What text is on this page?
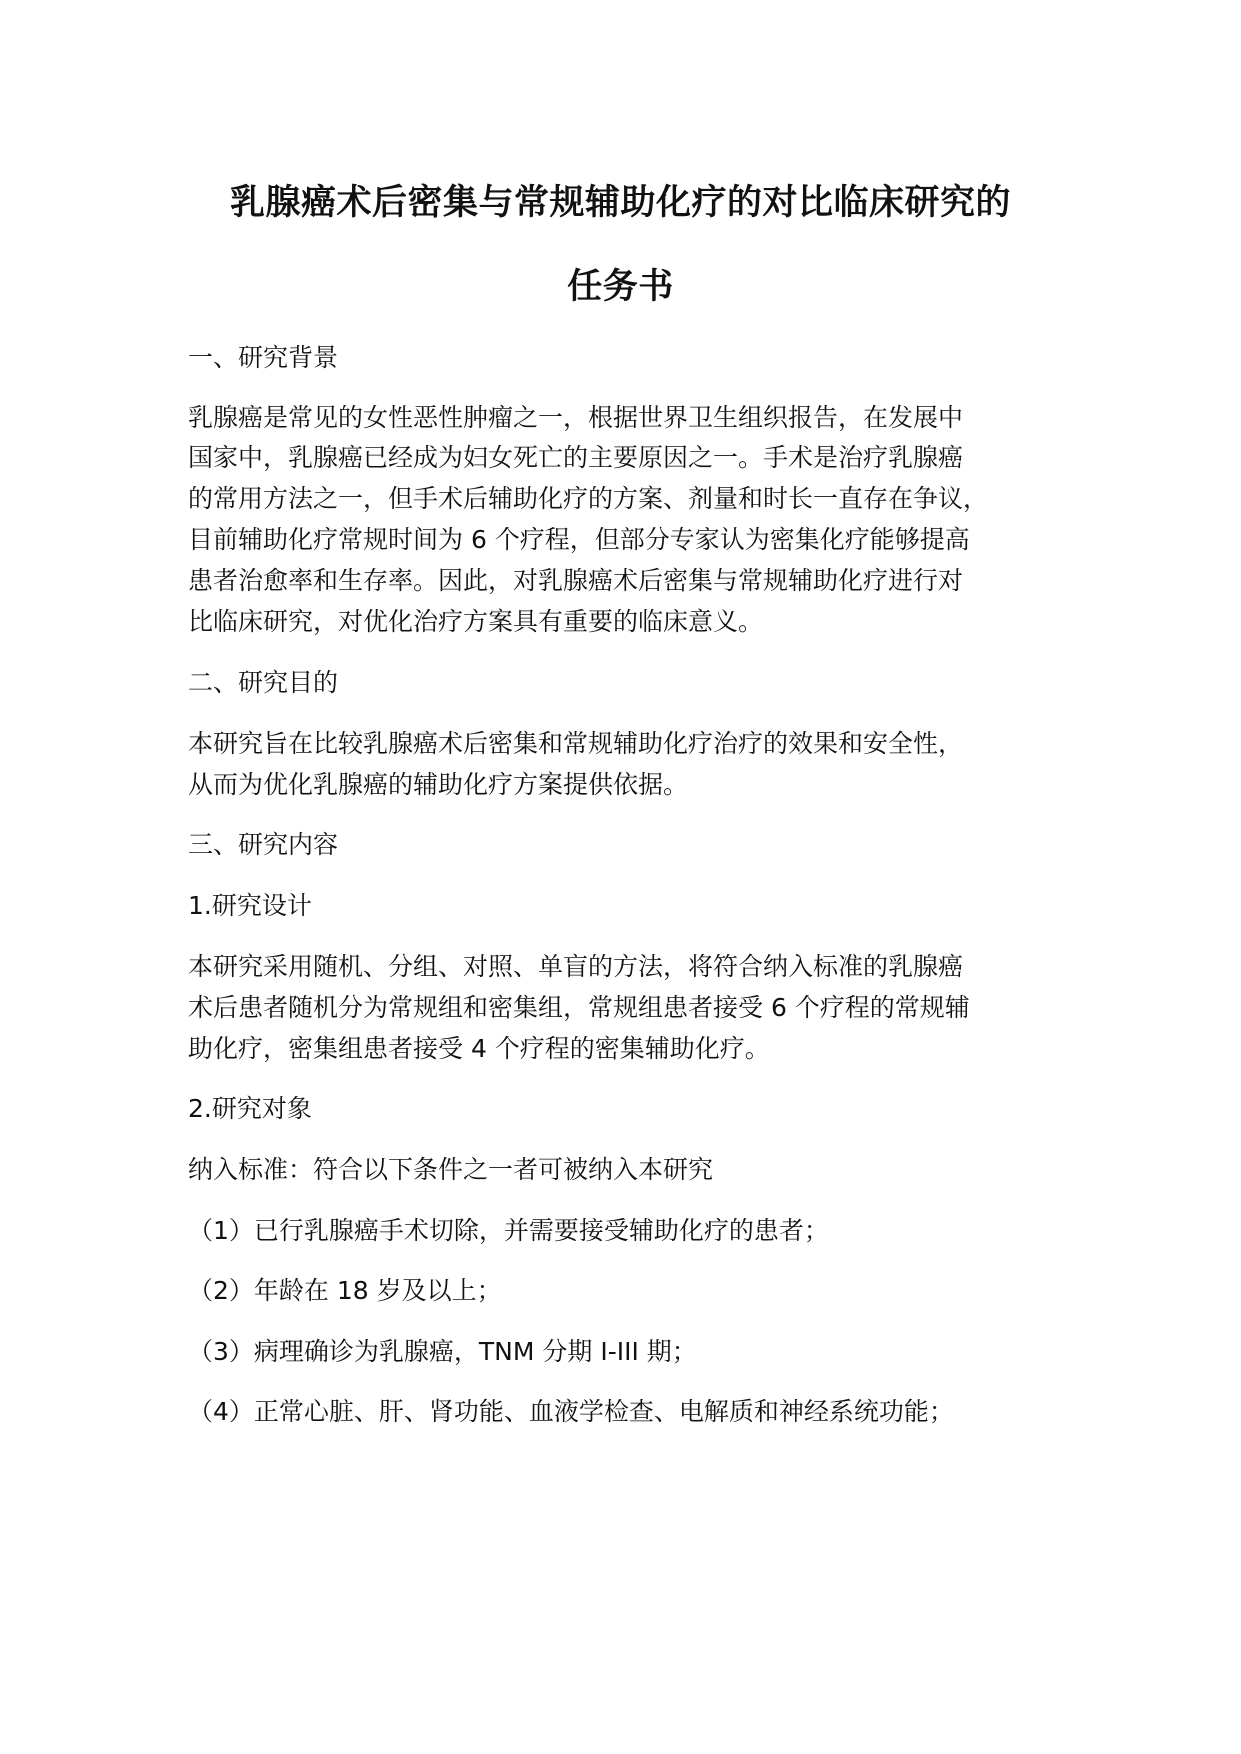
乳腺癌术后密集与常规辅助化疗的对比临床研究的
任务书
一、研究背景
乳腺癌是常见的女性恶性肿瘤之一，根据世界卫生组织报告，在发展中
国家中，乳腺癌已经成为妇女死亡的主要原因之一。手术是治疗乳腺癌
的常用方法之一，但手术后辅助化疗的方案、剂量和时长一直存在争议，
目前辅助化疗常规时间为 6 个疗程，但部分专家认为密集化疗能够提高
患者治愈率和生存率。因此，对乳腺癌术后密集与常规辅助化疗进行对
比临床研究，对优化治疗方案具有重要的临床意义。
二、研究目的
本研究旨在比较乳腺癌术后密集和常规辅助化疗治疗的效果和安全性，
从而为优化乳腺癌的辅助化疗方案提供依据。
三、研究内容
1.研究设计
本研究采用随机、分组、对照、单盲的方法，将符合纳入标准的乳腺癌
术后患者随机分为常规组和密集组，常规组患者接受 6 个疗程的常规辅
助化疗，密集组患者接受 4 个疗程的密集辅助化疗。
2.研究对象
纳入标准：符合以下条件之一者可被纳入本研究
（1）已行乳腺癌手术切除，并需要接受辅助化疗的患者；
（2）年龄在 18 岁及以上；
（3）病理确诊为乳腺癌，TNM 分期 I-III 期；
（4）正常心脏、肝、肾功能、血液学检查、电解质和神经系统功能；
